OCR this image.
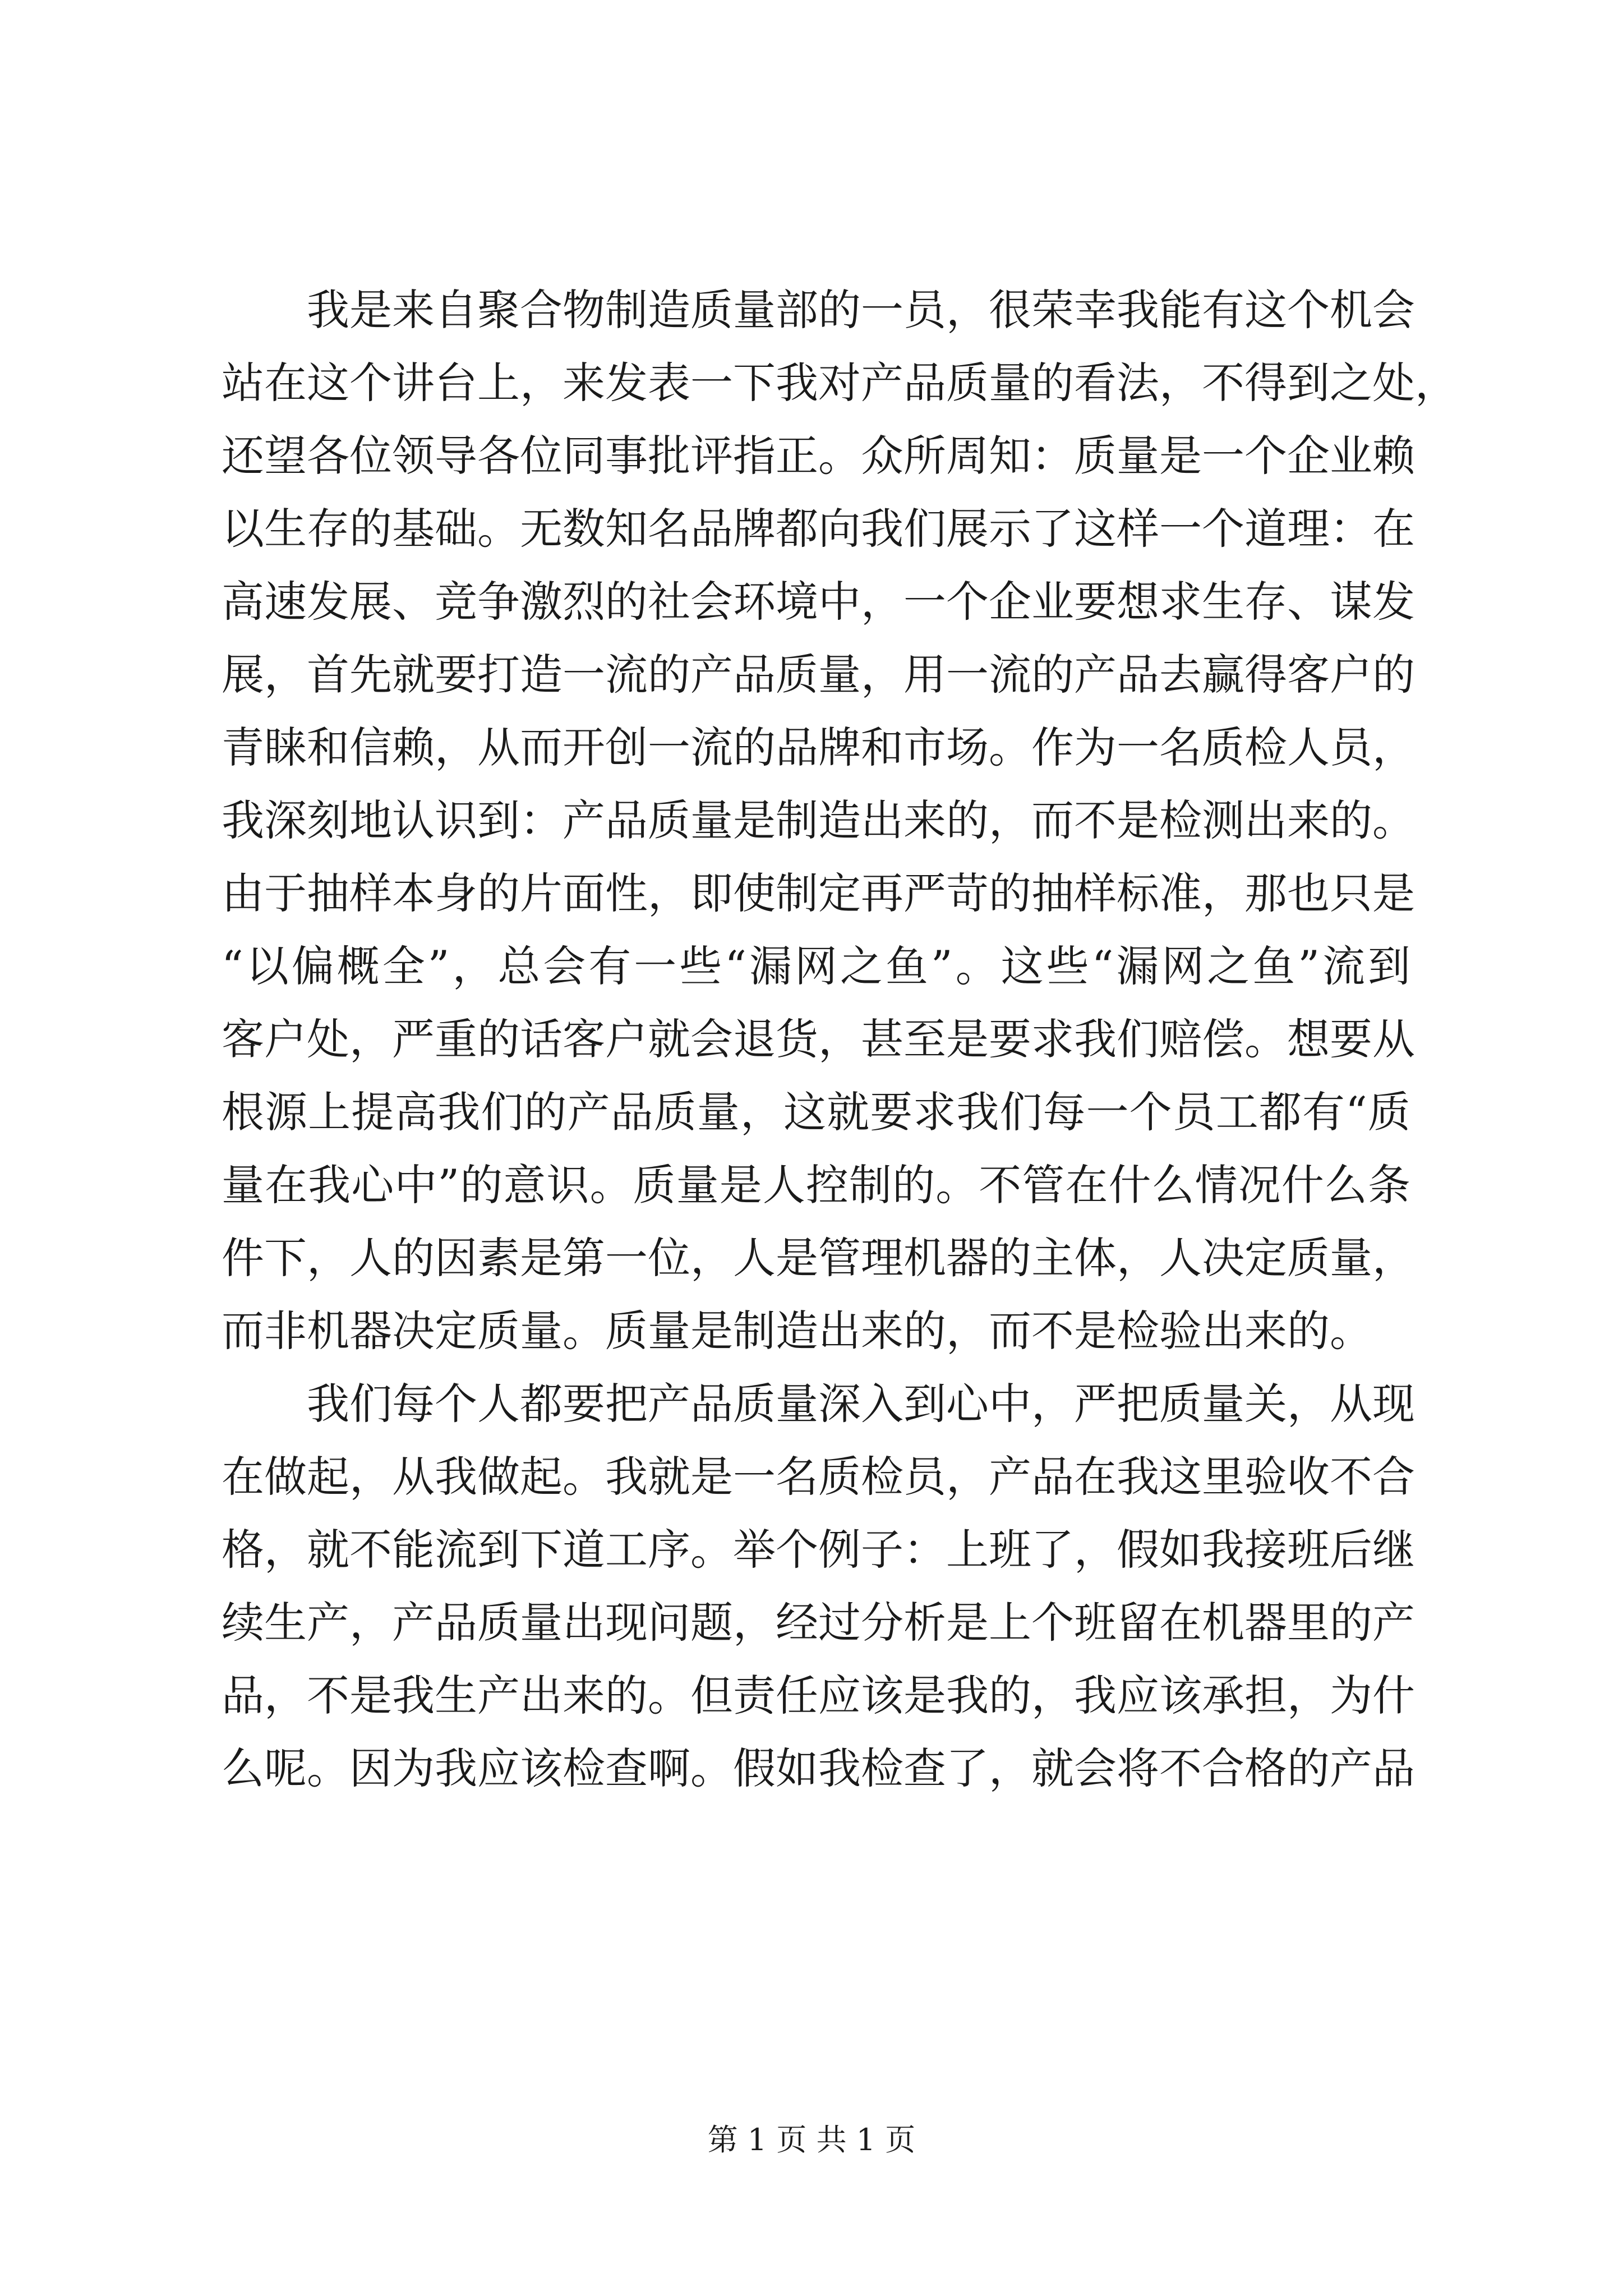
我是来自聚合物制造质量部的一员，很荣幸我能有这个机会
站在这个讲台上，来发表一下我对产品质量的看法，不得到之处，
还望各位领导各位同事批评指正。众所周知：质量是一个企业赖
以生存的基础。无数知名品牌都向我们展示了这样一个道理：在
高速发展、竞争激烈的社会环境中，一个企业要想求生存、谋发
展，首先就要打造一流的产品质量，用一流的产品去赢得客户的
青睐和信赖，从而开创一流的品牌和市场。作为一名质检人员，
我深刻地认识到：产品质量是制造出来的，而不是检测出来的。
由于抽样本身的片面性，即使制定再严苛的抽样标准，那也只是
“以偏概全”，总会有一些“漏网之鱼”。这些“漏网之鱼”流到
客户处，严重的话客户就会退货，甚至是要求我们赔偿。想要从
根源上提高我们的产品质量，这就要求我们每一个员工都有“质
量在我心中”的意识。质量是人控制的。不管在什么情况什么条
件下，人的因素是第一位，人是管理机器的主体，人决定质量，
而非机器决定质量。质量是制造出来的，而不是检验出来的。
我们每个人都要把产品质量深入到心中，严把质量关，从现
在做起，从我做起。我就是一名质检员，产品在我这里验收不合
格，就不能流到下道工序。举个例子：上班了，假如我接班后继
续生产，产品质量出现问题，经过分析是上个班留在机器里的产
品，不是我生产出来的。但责任应该是我的，我应该承担，为什
么呢。因为我应该检查啊。假如我检查了，就会将不合格的产品
第 1 页 共 1 页
